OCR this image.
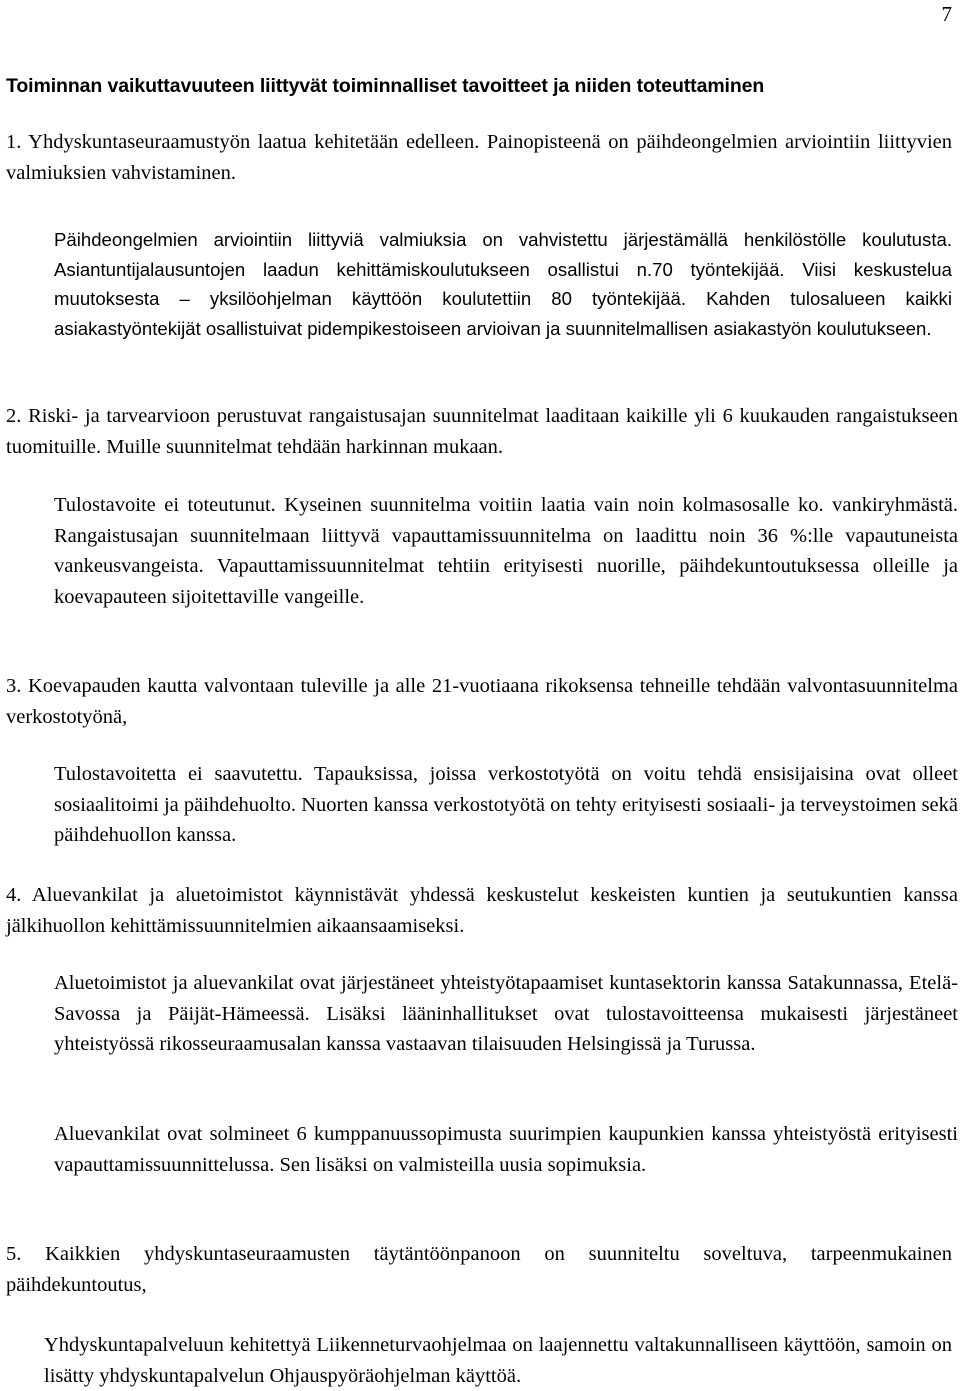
7
Toiminnan vaikuttavuuteen liittyvät toiminnalliset tavoitteet ja niiden toteuttaminen

1. Yhdyskuntaseuraamustyön laatua kehitetään edelleen. Painopisteenä on päihdeongelmien arviointiin liittyvien valmiuksien vahvistaminen.

Päihdeongelmien arviointiin liittyviä valmiuksia on vahvistettu järjestämällä henkilöstölle koulutusta. Asiantuntijalausuntojen laadun kehittämiskoulutukseen osallistui n.70 työntekijää. Viisi keskustelua muutoksesta – yksilöohjelman käyttöön koulutettiin 80 työntekijää. Kahden tulosalueen kaikki asiakastyöntekijät osallistuivat pidempikestoiseen arvioivan ja suunnitelmallisen asiakastyön koulutukseen.

2. Riski- ja tarvearvioon perustuvat rangaistusajan suunnitelmat laaditaan kaikille yli 6 kuukauden rangaistukseen tuomituille. Muille suunnitelmat tehdään harkinnan mukaan.

Tulostavoite ei toteutunut. Kyseinen suunnitelma voitiin laatia vain noin kolmasosalle ko. vankiryhmästä. Rangaistusajan suunnitelmaan liittyvä vapauttamissuunnitelma on laadittu noin 36 %:lle vapautuneista vankeusvangeista. Vapauttamissuunnitelmat tehtiin erityisesti nuorille, päihdekuntoutuksessa olleille ja koevapauteen sijoitettaville vangeille.

3. Koevapauden kautta valvontaan tuleville ja alle 21-vuotiaana rikoksensa tehneille tehdään valvontasuunnitelma verkostotyönä,

Tulostavoitetta ei saavutettu. Tapauksissa, joissa verkostotyötä on voitu tehdä ensisijaisina ovat olleet sosiaalitoimi ja päihdehuolto. Nuorten kanssa verkostotyötä on tehty erityisesti sosiaali- ja terveystoimen sekä päihdehuollon kanssa.

4. Aluevankilat ja aluetoimistot käynnistävät yhdessä keskustelut keskeisten kuntien ja seutukuntien kanssa jälkihuollon kehittämissuunnitelmien aikaansaamiseksi.

Aluetoimistot ja aluevankilat ovat järjestäneet yhteistyötapaamiset kuntasektorin kanssa Satakunnassa, Etelä-Savossa ja Päijät-Hämeessä. Lisäksi lääninhallitukset ovat tulostavoitteensa mukaisesti järjestäneet yhteistyössä rikosseuraamusalan kanssa vastaavan tilaisuuden Helsingissä ja Turussa.

Aluevankilat ovat solmineet 6 kumppanuussopimusta suurimpien kaupunkien kanssa yhteistyöstä erityisesti vapauttamissuunnittelussa. Sen lisäksi on valmisteilla uusia sopimuksia.

5. Kaikkien yhdyskuntaseuraamusten täytäntöönpanoon on suunniteltu soveltuva, tarpeenmukainen päihdekuntoutus,

Yhdyskuntapalveluun kehitettyä Liikenneturvaohjelmaa on laajennettu valtakunnalliseen käyttöön, samoin on lisätty yhdyskuntapalvelun Ohjauspyöräohjelman käyttöä.
